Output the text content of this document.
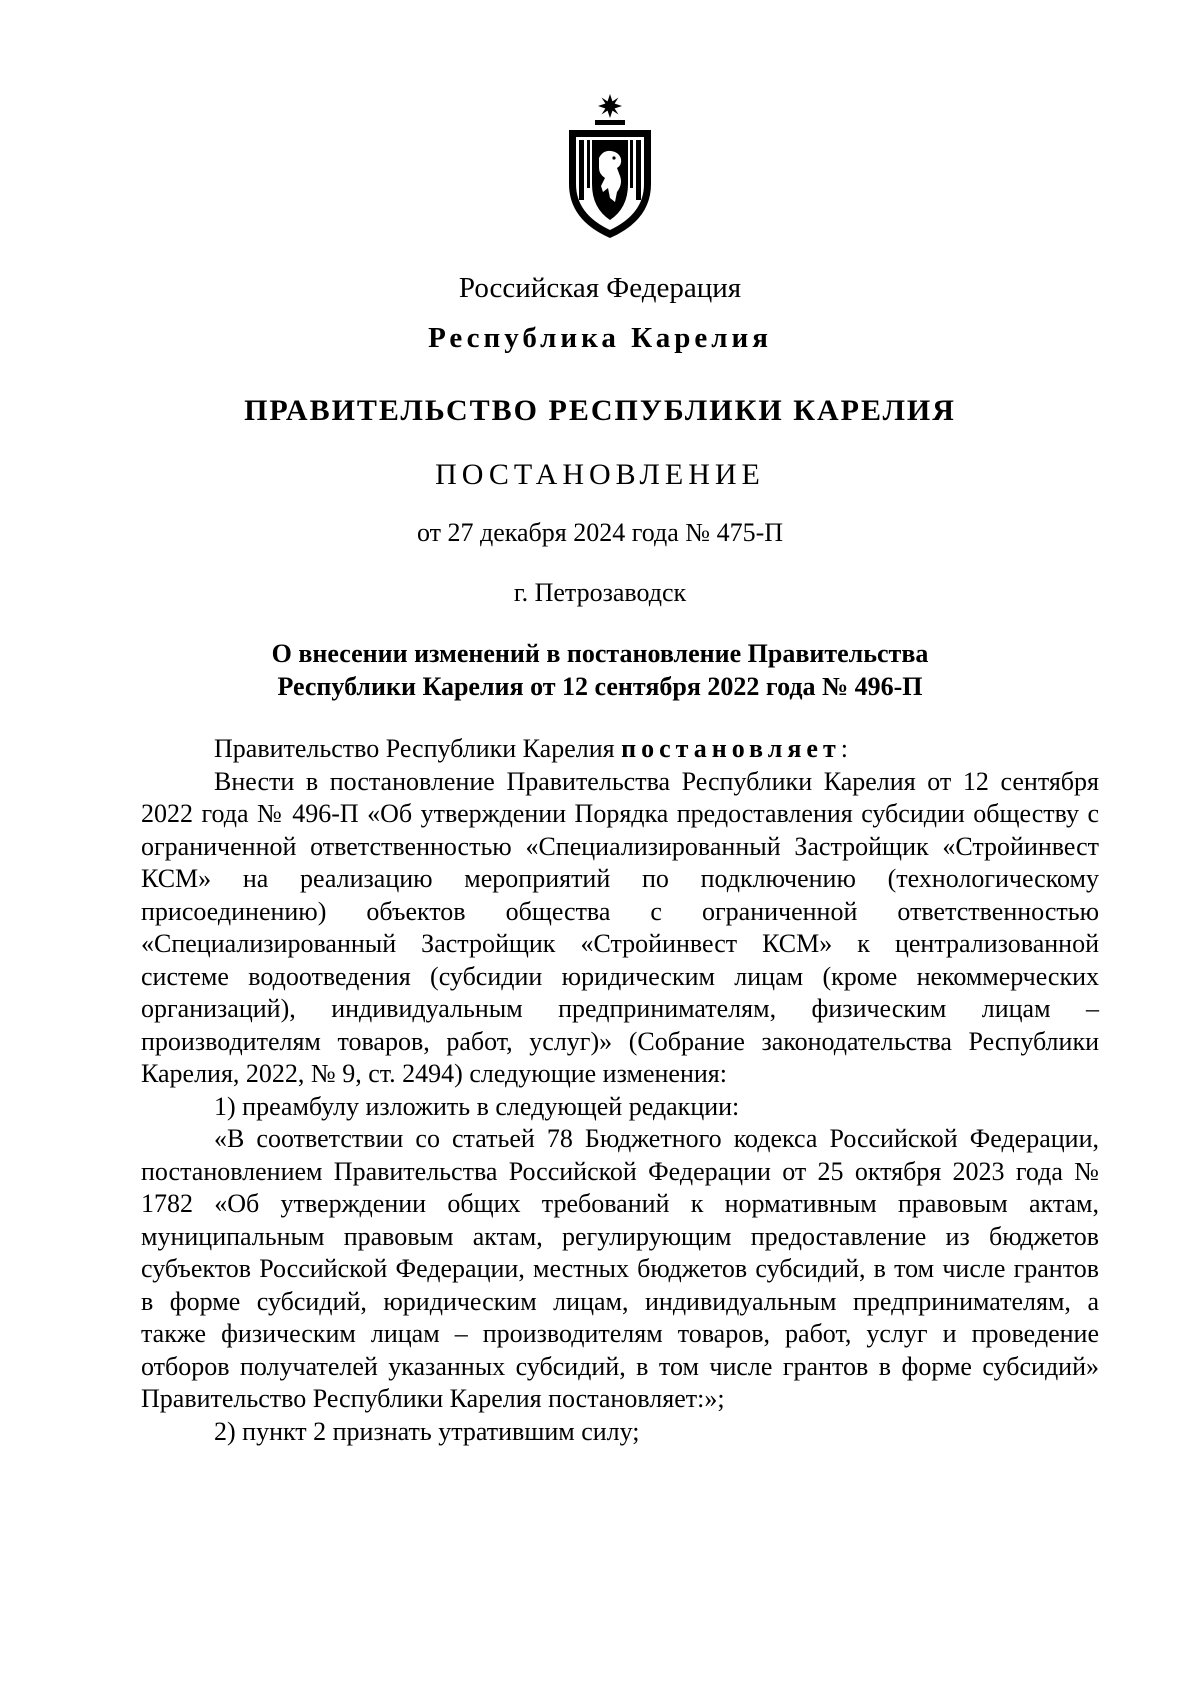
Российская Федерация
Республика Карелия
ПРАВИТЕЛЬСТВО РЕСПУБЛИКИ КАРЕЛИЯ
ПОСТАНОВЛЕНИЕ
от 27 декабря 2024 года № 475-П
г. Петрозаводск
О внесении изменений в постановление Правительства
Республики Карелия от 12 сентября 2022 года № 496-П

Правительство Республики Карелия постановляет:

Внести в постановление Правительства Республики Карелия от 12 сентября 2022 года № 496-П «Об утверждении Порядка предоставления субсидии обществу с ограниченной ответственностью «Специализированный Застройщик «Стройинвест КСМ» на реализацию мероприятий по подключению (технологическому присоединению) объектов общества с ограниченной ответственностью «Специализированный Застройщик «Стройинвест КСМ» к централизованной системе водоотведения (субсидии юридическим лицам (кроме некоммерческих организаций), индивидуальным предпринимателям, физическим лицам – производителям товаров, работ, услуг)» (Собрание законодательства Республики Карелия, 2022, № 9, ст. 2494) следующие изменения:

1) преамбулу изложить в следующей редакции:

«В соответствии со статьей 78 Бюджетного кодекса Российской Федерации, постановлением Правительства Российской Федерации от 25 октября 2023 года № 1782 «Об утверждении общих требований к нормативным правовым актам, муниципальным правовым актам, регулирующим предоставление из бюджетов субъектов Российской Федерации, местных бюджетов субсидий, в том числе грантов в форме субсидий, юридическим лицам, индивидуальным предпринимателям, а также физическим лицам – производителям товаров, работ, услуг и проведение отборов получателей указанных субсидий, в том числе грантов в форме субсидий» Правительство Республики Карелия постановляет:»;

2) пункт 2 признать утратившим силу;
